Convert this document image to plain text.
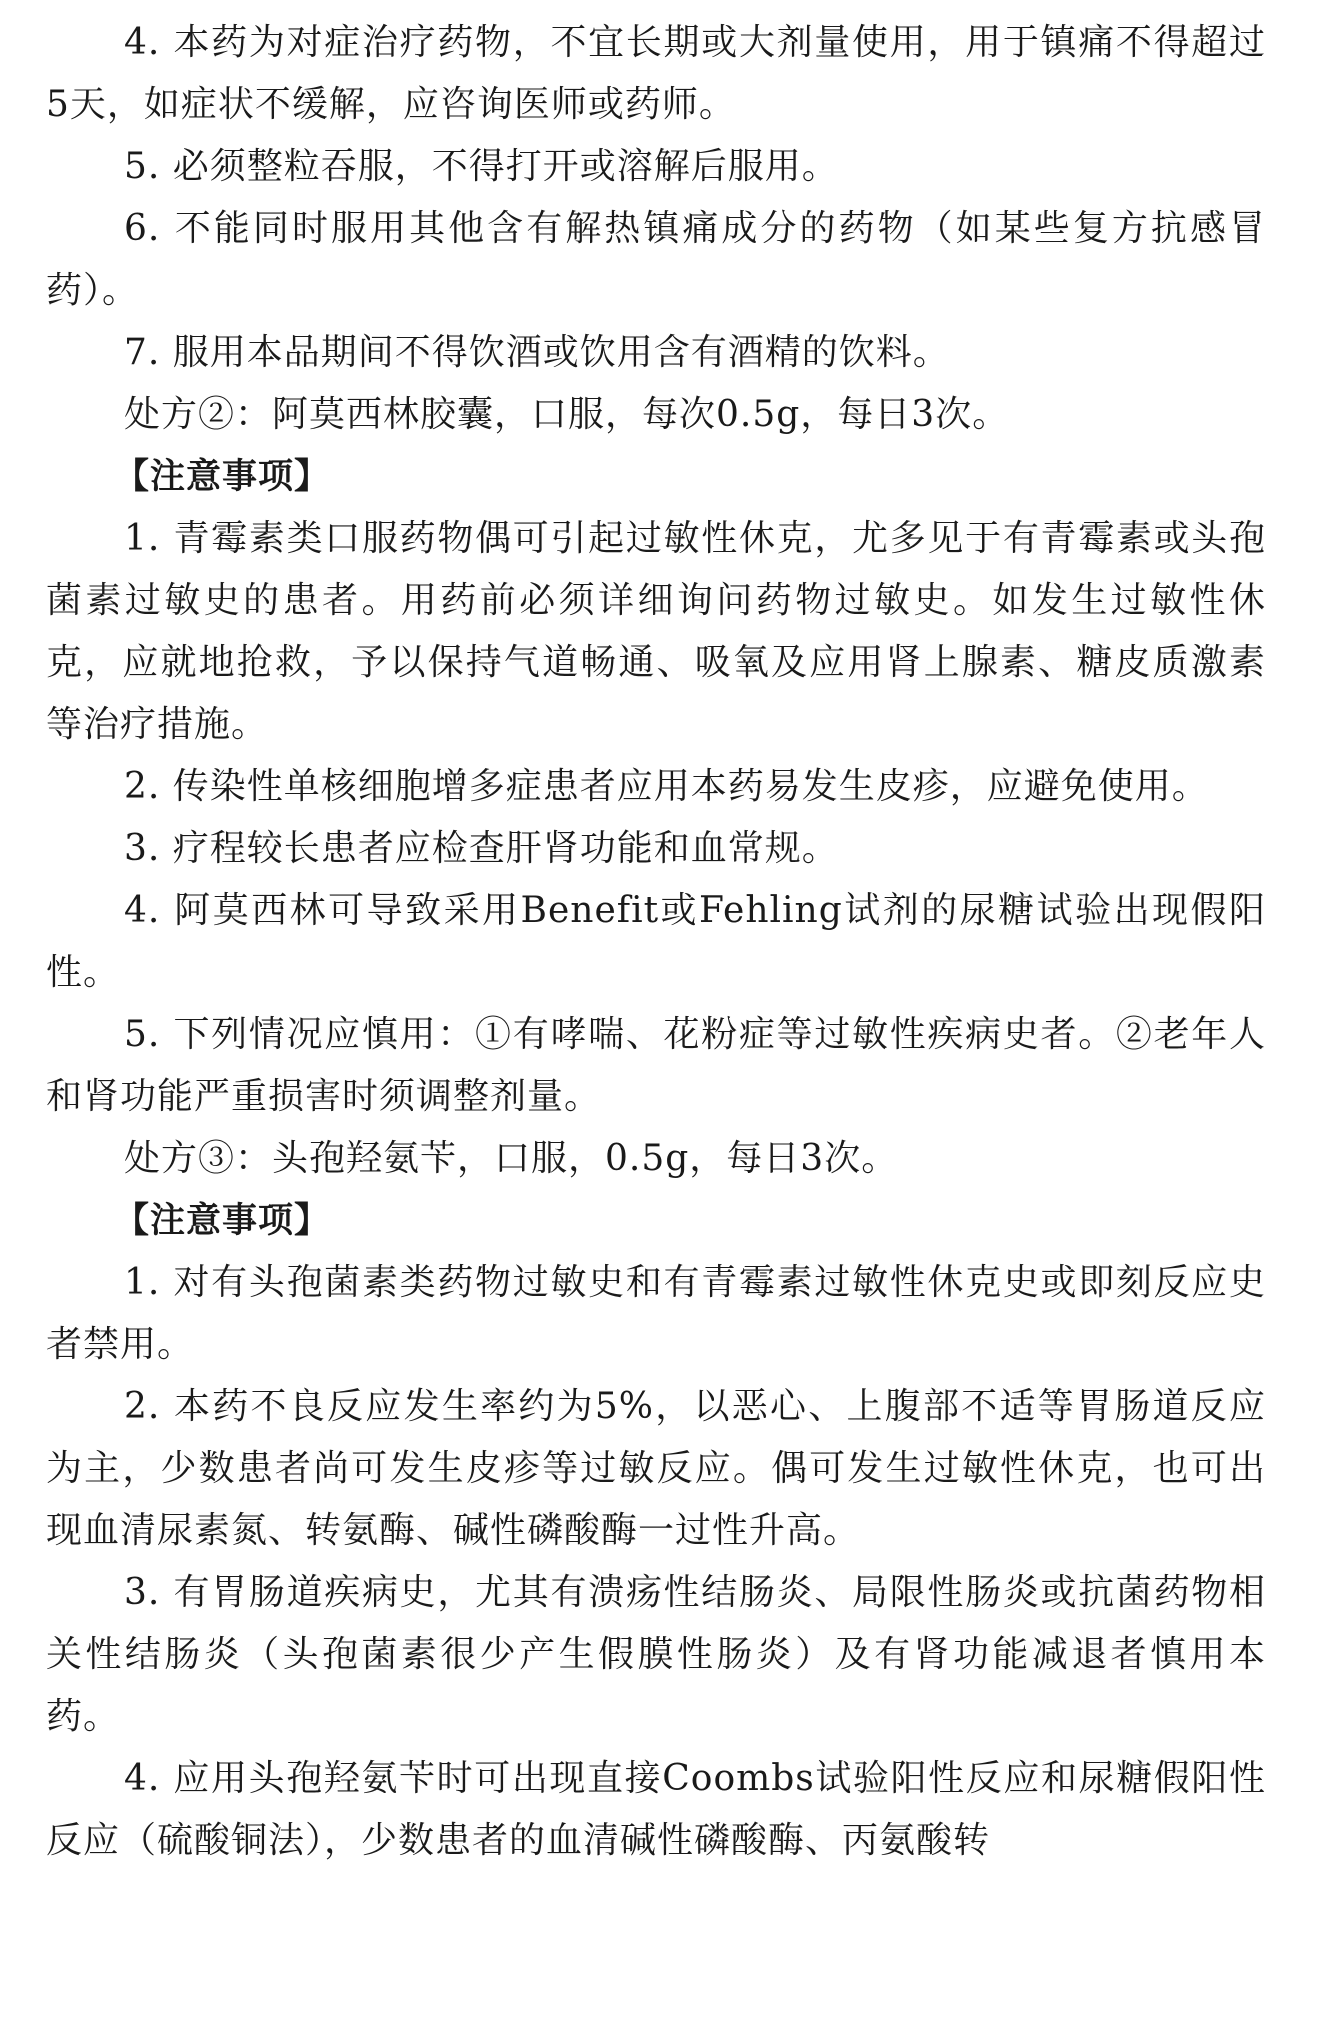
4. 本药为对症治疗药物，不宜长期或大剂量使用，用于镇痛不得超过5天，如症状不缓解，应咨询医师或药师。

5. 必须整粒吞服，不得打开或溶解后服用。

6. 不能同时服用其他含有解热镇痛成分的药物（如某些复方抗感冒药）。

7. 服用本品期间不得饮酒或饮用含有酒精的饮料。

处方②：阿莫西林胶囊，口服，每次0.5g，每日3次。

【注意事项】

1. 青霉素类口服药物偶可引起过敏性休克，尤多见于有青霉素或头孢菌素过敏史的患者。用药前必须详细询问药物过敏史。如发生过敏性休克，应就地抢救，予以保持气道畅通、吸氧及应用肾上腺素、糖皮质激素等治疗措施。

2. 传染性单核细胞增多症患者应用本药易发生皮疹，应避免使用。

3. 疗程较长患者应检查肝肾功能和血常规。

4. 阿莫西林可导致采用Benefit或Fehling试剂的尿糖试验出现假阳性。

5. 下列情况应慎用：①有哮喘、花粉症等过敏性疾病史者。②老年人和肾功能严重损害时须调整剂量。

处方③：头孢羟氨苄，口服，0.5g，每日3次。

【注意事项】

1. 对有头孢菌素类药物过敏史和有青霉素过敏性休克史或即刻反应史者禁用。

2. 本药不良反应发生率约为5%，以恶心、上腹部不适等胃肠道反应为主，少数患者尚可发生皮疹等过敏反应。偶可发生过敏性休克，也可出现血清尿素氮、转氨酶、碱性磷酸酶一过性升高。

3. 有胃肠道疾病史，尤其有溃疡性结肠炎、局限性肠炎或抗菌药物相关性结肠炎（头孢菌素很少产生假膜性肠炎）及有肾功能减退者慎用本药。

4. 应用头孢羟氨苄时可出现直接Coombs试验阳性反应和尿糖假阳性反应（硫酸铜法），少数患者的血清碱性磷酸酶、丙氨酸转
